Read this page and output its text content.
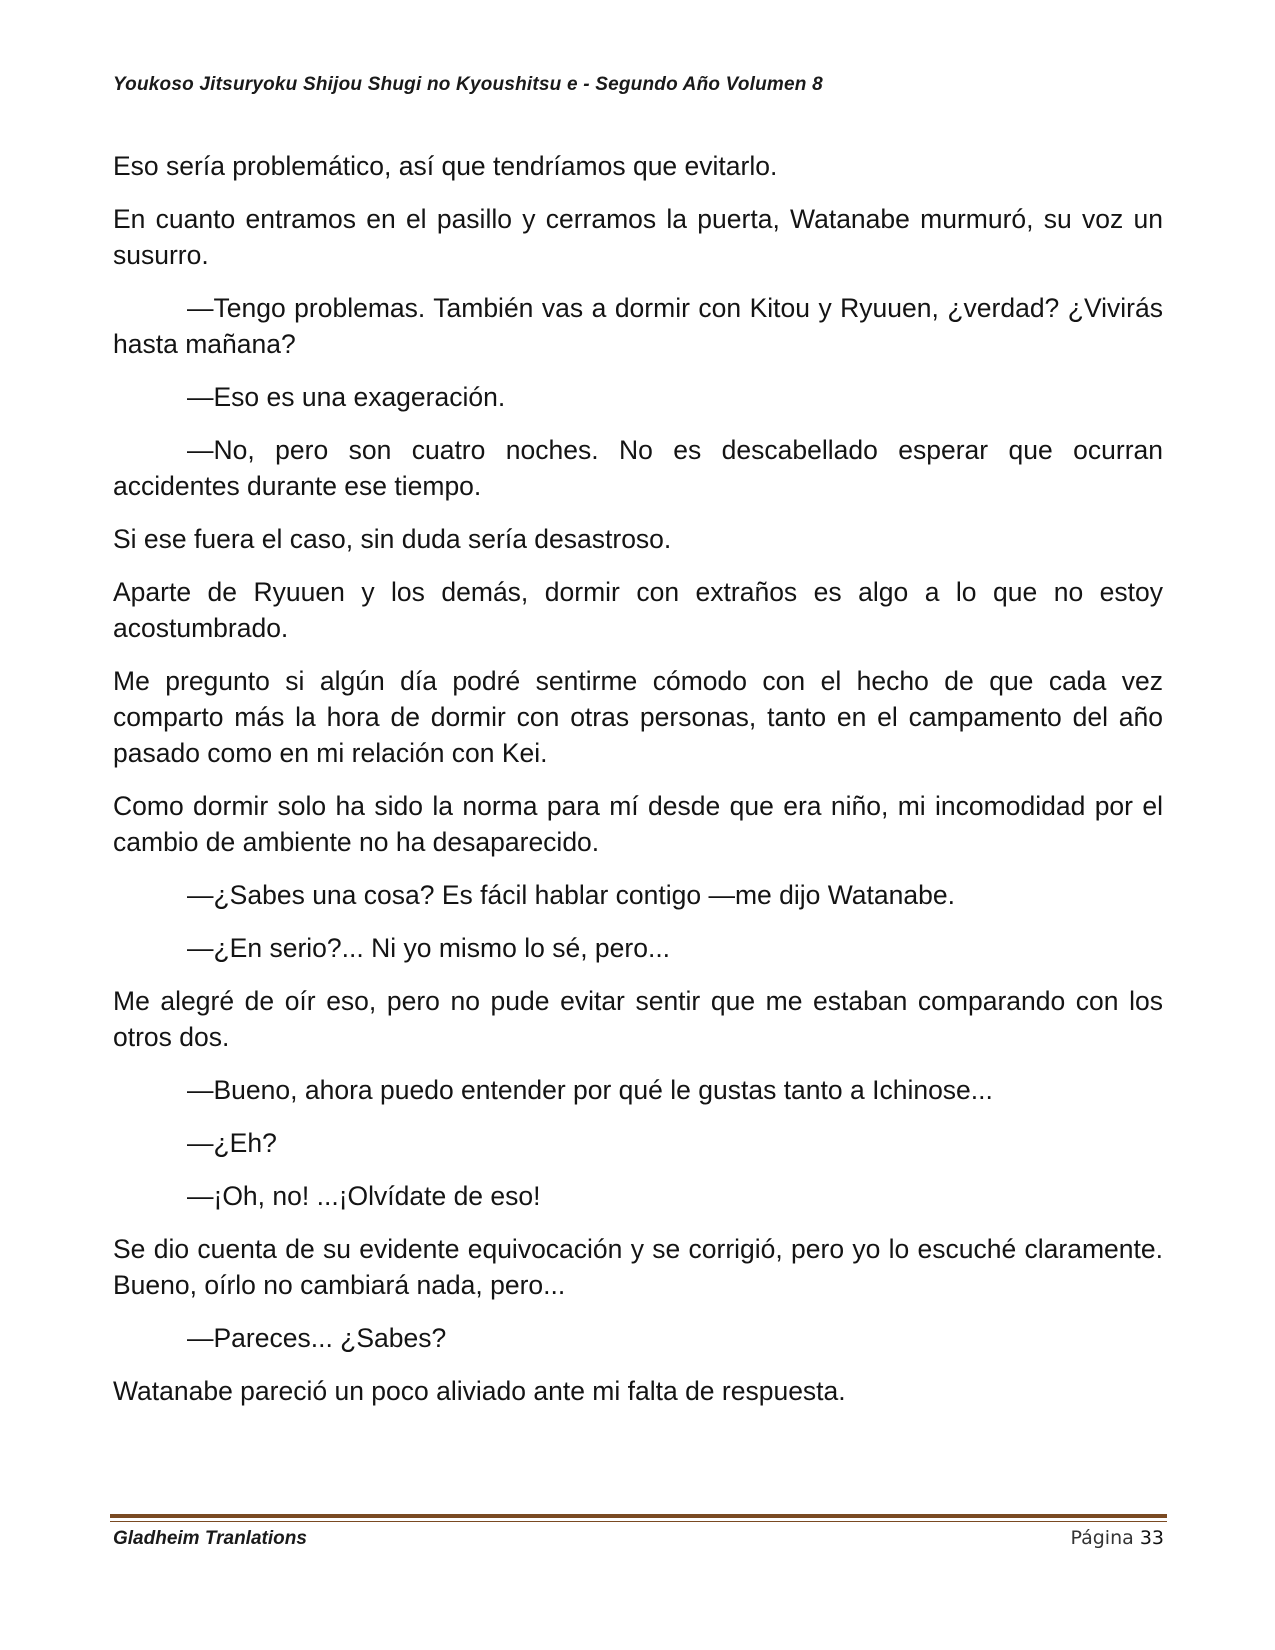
Youkoso Jitsuryoku Shijou Shugi no Kyoushitsu e - Segundo Año Volumen 8

Eso sería problemático, así que tendríamos que evitarlo.

En cuanto entramos en el pasillo y cerramos la puerta, Watanabe murmuró, su voz un susurro.

—Tengo problemas. También vas a dormir con Kitou y Ryuuen, ¿verdad? ¿Vivirás hasta mañana?

—Eso es una exageración.

—No, pero son cuatro noches. No es descabellado esperar que ocurran accidentes durante ese tiempo.

Si ese fuera el caso, sin duda sería desastroso.

Aparte de Ryuuen y los demás, dormir con extraños es algo a lo que no estoy acostumbrado.

Me pregunto si algún día podré sentirme cómodo con el hecho de que cada vez comparto más la hora de dormir con otras personas, tanto en el campamento del año pasado como en mi relación con Kei.

Como dormir solo ha sido la norma para mí desde que era niño, mi incomodidad por el cambio de ambiente no ha desaparecido.

—¿Sabes una cosa? Es fácil hablar contigo —me dijo Watanabe.

—¿En serio?... Ni yo mismo lo sé, pero...

Me alegré de oír eso, pero no pude evitar sentir que me estaban comparando con los otros dos.

—Bueno, ahora puedo entender por qué le gustas tanto a Ichinose...

—¿Eh?

—¡Oh, no! ...¡Olvídate de eso!

Se dio cuenta de su evidente equivocación y se corrigió, pero yo lo escuché claramente. Bueno, oírlo no cambiará nada, pero...

—Pareces... ¿Sabes?

Watanabe pareció un poco aliviado ante mi falta de respuesta.

Gladheim Tranlations	Página 33
